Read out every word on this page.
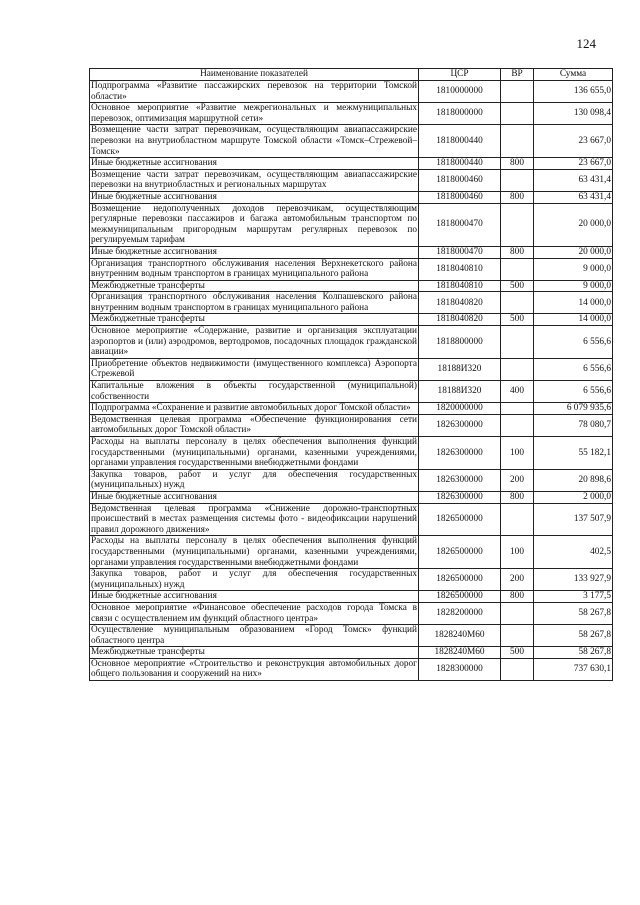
124
Наименование показателей	ЦСР	ВР	Сумма
Подпрограмма «Развитие пассажирских перевозок на территории Томской области»	1810000000		136 655,0
Основное мероприятие «Развитие межрегиональных и межмуниципальных перевозок, оптимизация маршрутной сети»	1818000000		130 098,4
Возмещение части затрат перевозчикам, осуществляющим авиапассажирские перевозки на внутриобластном маршруте Томской области «Томск–Стрежевой–Томск»	1818000440		23 667,0
Иные бюджетные ассигнования	1818000440	800	23 667,0
Возмещение части затрат перевозчикам, осуществляющим авиапассажирские перевозки на внутриобластных и региональных маршрутах	1818000460		63 431,4
Иные бюджетные ассигнования	1818000460	800	63 431,4
Возмещение недополученных доходов перевозчикам, осуществляющим регулярные перевозки пассажиров и багажа автомобильным транспортом по межмуниципальным пригородным маршрутам регулярных перевозок по регулируемым тарифам	1818000470		20 000,0
Иные бюджетные ассигнования	1818000470	800	20 000,0
Организация транспортного обслуживания населения Верхнекетского района внутренним водным транспортом в границах муниципального района	1818040810		9 000,0
Межбюджетные трансферты	1818040810	500	9 000,0
Организация транспортного обслуживания населения Колпашевского района внутренним водным транспортом в границах муниципального района	1818040820		14 000,0
Межбюджетные трансферты	1818040820	500	14 000,0
Основное мероприятие «Содержание, развитие и организация эксплуатации аэропортов и (или) аэродромов, вертодромов, посадочных площадок гражданской авиации»	1818800000		6 556,6
Приобретение объектов недвижимости (имущественного комплекса) Аэропорта Стрежевой	18188И320		6 556,6
Капитальные вложения в объекты государственной (муниципальной) собственности	18188И320	400	6 556,6
Подпрограмма «Сохранение и развитие автомобильных дорог Томской области»	1820000000		6 079 935,6
Ведомственная целевая программа «Обеспечение функционирования сети автомобильных дорог Томской области»	1826300000		78 080,7
Расходы на выплаты персоналу в целях обеспечения выполнения функций государственными (муниципальными) органами, казенными учреждениями, органами управления государственными внебюджетными фондами	1826300000	100	55 182,1
Закупка товаров, работ и услуг для обеспечения государственных (муниципальных) нужд	1826300000	200	20 898,6
Иные бюджетные ассигнования	1826300000	800	2 000,0
Ведомственная целевая программа «Снижение дорожно-транспортных происшествий в местах размещения системы фото - видеофиксации нарушений правил дорожного движения»	1826500000		137 507,9
Расходы на выплаты персоналу в целях обеспечения выполнения функций государственными (муниципальными) органами, казенными учреждениями, органами управления государственными внебюджетными фондами	1826500000	100	402,5
Закупка товаров, работ и услуг для обеспечения государственных (муниципальных) нужд	1826500000	200	133 927,9
Иные бюджетные ассигнования	1826500000	800	3 177,5
Основное мероприятие «Финансовое обеспечение расходов города Томска в связи с осуществлением им функций областного центра»	1828200000		58 267,8
Осуществление муниципальным образованием «Город Томск» функций областного центра	1828240М60		58 267,8
Межбюджетные трансферты	1828240М60	500	58 267,8
Основное мероприятие «Строительство и реконструкция автомобильных дорог общего пользования и сооружений на них»	1828300000		737 630,1
